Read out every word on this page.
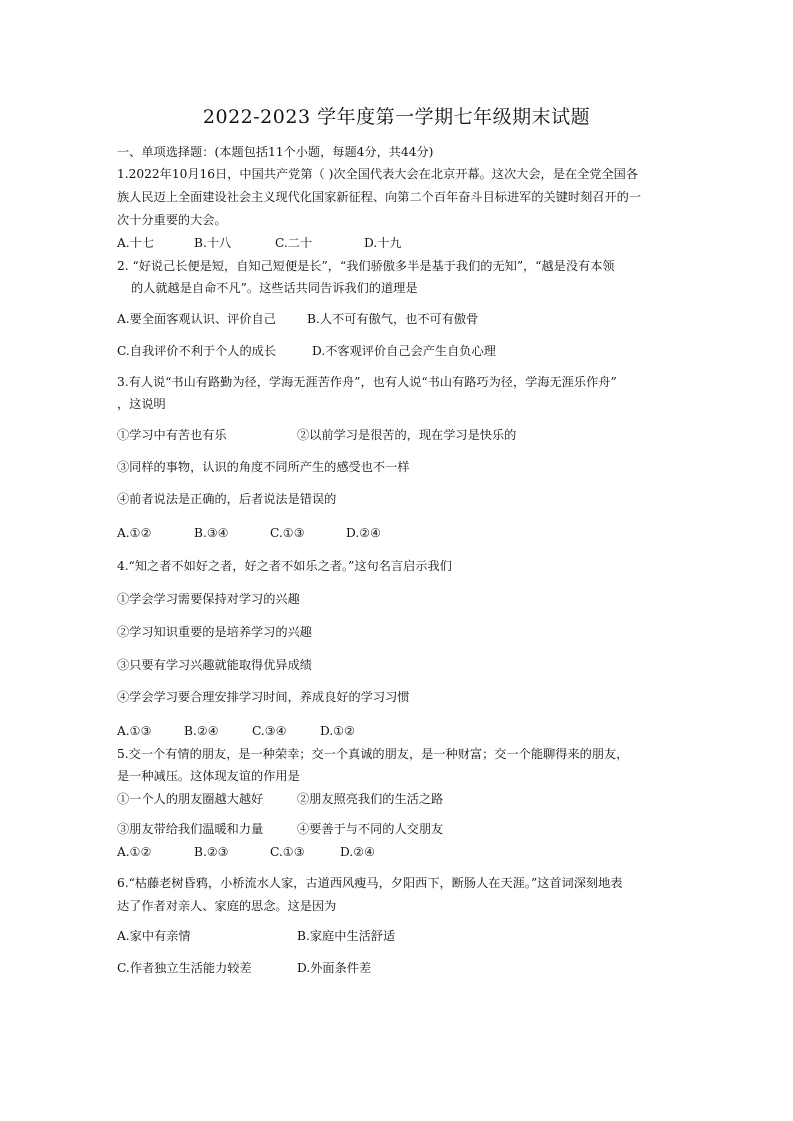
2022-2023 学年度第一学期七年级期末试题
一、单项选择题：(本题包括11个小题，每题4分，共44分)
1.2022年10月16日，中国共产党第（ )次全国代表大会在北京开幕。这次大会，是在全党全国各
族人民迈上全面建设社会主义现代化国家新征程、向第二个百年奋斗目标进军的关键时刻召开的一
次十分重要的大会。
A.十七	B.十八	C.二十	D.十九
2. “好说己长便是短，自知己短便是长”，“我们骄傲多半是基于我们的无知”，“越是没有本领
的人就越是自命不凡”。这些话共同告诉我们的道理是
A.要全面客观认识、评价自己	B.人不可有傲气，也不可有傲骨
C.自我评价不利于个人的成长	D.不客观评价自己会产生自负心理
3.有人说“书山有路勤为径，学海无涯苦作舟”，也有人说“书山有路巧为径，学海无涯乐作舟”
，这说明
①学习中有苦也有乐	②以前学习是很苦的，现在学习是快乐的
③同样的事物，认识的角度不同所产生的感受也不一样
④前者说法是正确的，后者说法是错误的
A.①②	B.③④	C.①③	D.②④
4.“知之者不如好之者，好之者不如乐之者。”这句名言启示我们
①学会学习需要保持对学习的兴趣
②学习知识重要的是培养学习的兴趣
③只要有学习兴趣就能取得优异成绩
④学会学习要合理安排学习时间，养成良好的学习习惯
A.①③	B.②④	C.③④	D.①②
5.交一个有情的朋友，是一种荣幸；交一个真诚的朋友，是一种财富；交一个能聊得来的朋友，
是一种减压。这体现友谊的作用是
①一个人的朋友圈越大越好	②朋友照亮我们的生活之路
③朋友带给我们温暖和力量	④要善于与不同的人交朋友
A.①②	B.②③	C.①③	D.②④
6.“枯藤老树昏鸦，小桥流水人家，古道西风瘦马，夕阳西下，断肠人在天涯。”这首词深刻地表
达了作者对亲人、家庭的思念。这是因为
A.家中有亲情	B.家庭中生活舒适
C.作者独立生活能力较差	D.外面条件差
